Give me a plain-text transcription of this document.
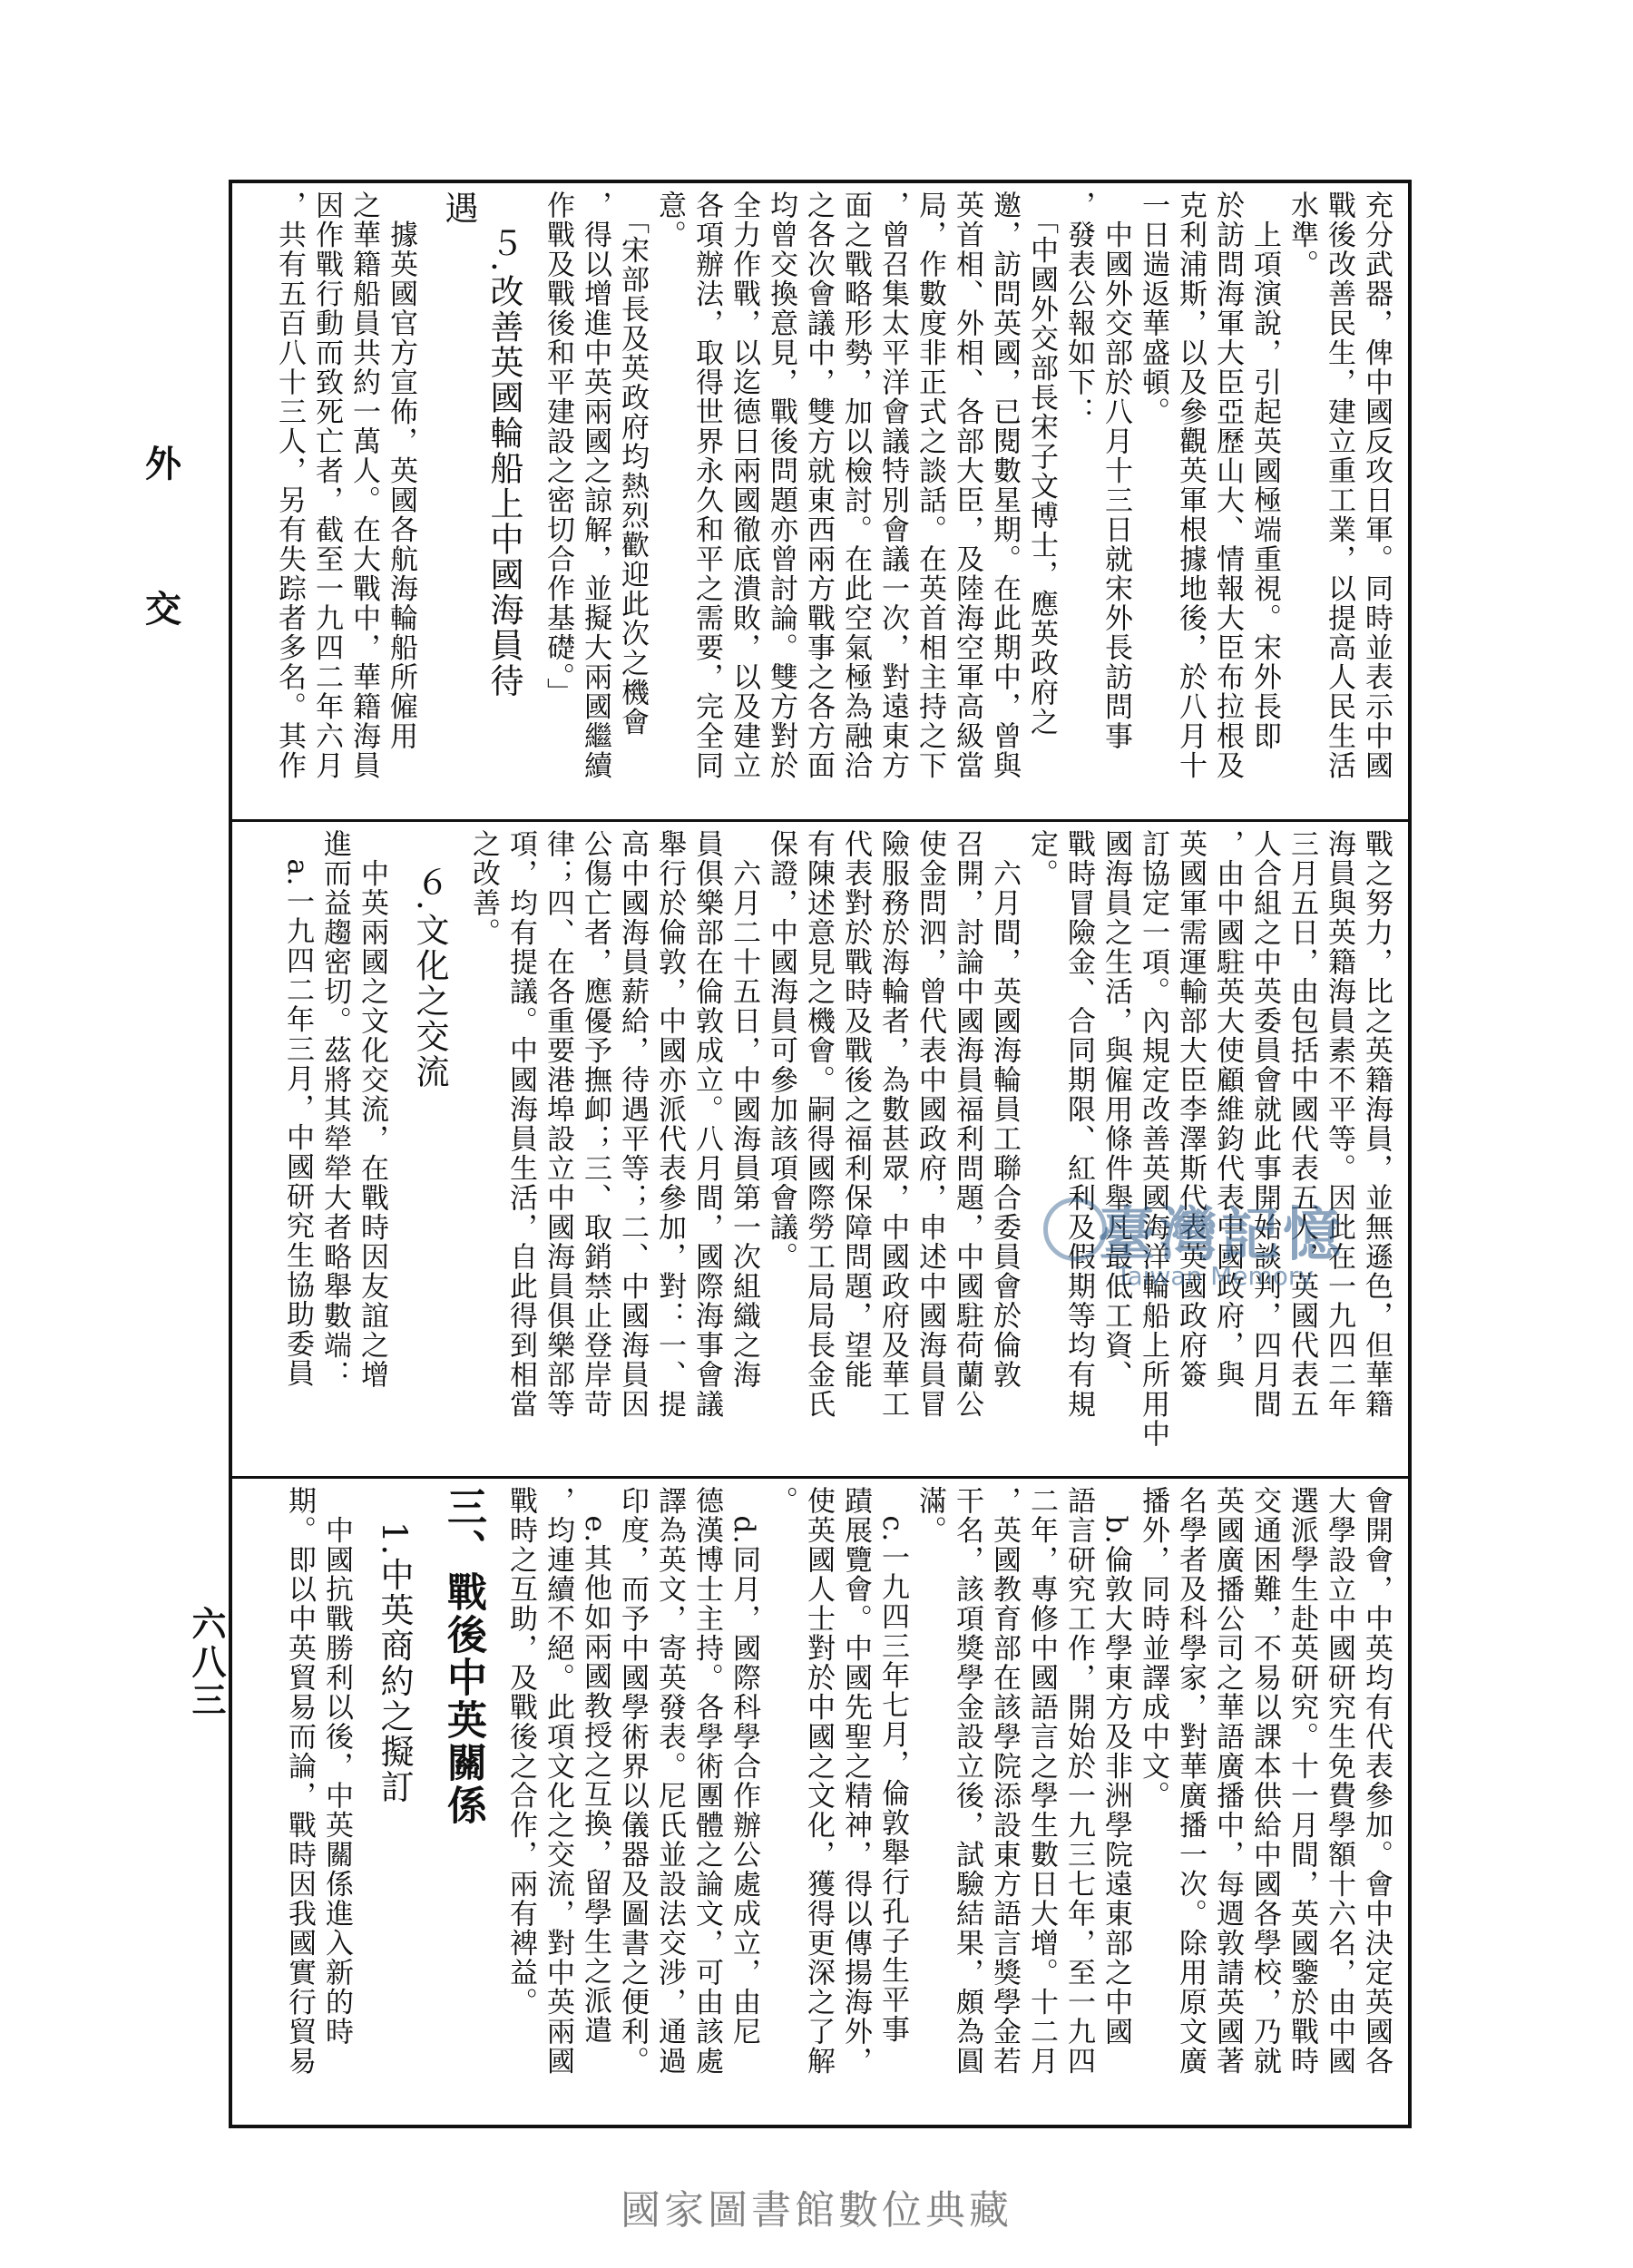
充分武器，俾中國反攻日軍。同時並表示中國
戰後改善民生，建立重工業，以提高人民生活
水準。
　上項演說，引起英國極端重視。宋外長即
於訪問海軍大臣亞歷山大、情報大臣布拉根及
克利浦斯，以及參觀英軍根據地後，於八月十
一日遄返華盛頓。
　中國外交部於八月十三日就宋外長訪問事
，發表公報如下：
　「中國外交部長宋子文博士，應英政府之
邀，訪問英國，已閱數星期。在此期中，曾與
英首相、外相、各部大臣，及陸海空軍高級當
局，作數度非正式之談話。在英首相主持之下
，曾召集太平洋會議特別會議一次，對遠東方
面之戰略形勢，加以檢討。在此空氣極為融洽
之各次會議中，雙方就東西兩方戰事之各方面
均曾交換意見，戰後問題亦曾討論。雙方對於
全力作戰，以迄德日兩國徹底潰敗，以及建立
各項辦法，取得世界永久和平之需要，完全同
意。
　「宋部長及英政府均熱烈歡迎此次之機會
，得以增進中英兩國之諒解，並擬大兩國繼續
作戰及戰後和平建設之密切合作基礎。」
　５.改善英國輪船上中國海員待
遇
　據英國官方宣佈，英國各航海輪船所僱用
之華籍船員共約一萬人。在大戰中，華籍海員
因作戰行動而致死亡者，截至一九四二年六月
，共有五百八十三人，另有失踪者多名。其作
戰之努力，比之英籍海員，並無遜色，但華籍
海員與英籍海員素不平等。因此在一九四二年
三月五日，由包括中國代表五人，英國代表五
人合組之中英委員會就此事開始談判，四月間
，由中國駐英大使顧維鈞代表中國政府，與
英國軍需運輸部大臣李澤斯代表英國政府簽
訂協定一項。內規定改善英國海洋輪船上所用中
國海員之生活，與僱用條件舉凡最低工資、
戰時冒險金、合同期限、紅利及假期等均有規
定。
　六月間，英國海輪員工聯合委員會於倫敦
召開，討論中國海員福利問題，中國駐荷蘭公
使金問泗，曾代表中國政府，申述中國海員冒
險服務於海輪者，為數甚眾，中國政府及華工
代表對於戰時及戰後之福利保障問題，望能
有陳述意見之機會。嗣得國際勞工局局長金氏
保證，中國海員可參加該項會議。
　六月二十五日，中國海員第一次組織之海
員俱樂部在倫敦成立。八月間，國際海事會議
舉行於倫敦，中國亦派代表參加，對：一、提
高中國海員薪給，待遇平等；二、中國海員因
公傷亡者，應優予撫卹；三、取銷禁止登岸苛
律；四、在各重要港埠設立中國海員俱樂部等
項，均有提議。中國海員生活，自此得到相當
之改善。
　６.文化之交流
　中英兩國之文化交流，在戰時因友誼之增
進而益趨密切。茲將其犖犖大者略舉數端：
　a.一九四二年三月，中國研究生協助委員
會開會，中英均有代表參加。會中決定英國各
大學設立中國研究生免費學額十六名，由中國
選派學生赴英研究。十一月間，英國鑒於戰時
交通困難，不易以課本供給中國各學校，乃就
英國廣播公司之華語廣播中，每週敦請英國著
名學者及科學家，對華廣播一次。除用原文廣
播外，同時並譯成中文。
　b.倫敦大學東方及非洲學院遠東部之中國
語言研究工作，開始於一九三七年，至一九四
二年，專修中國語言之學生數日大增。十二月
，英國教育部在該學院添設東方語言獎學金若
干名，該項獎學金設立後，試驗結果，頗為圓
滿。
　c.一九四三年七月，倫敦舉行孔子生平事
蹟展覽會。中國先聖之精神，得以傳揚海外，
使英國人士對於中國之文化，獲得更深之了解
。
　d.同月，國際科學合作辦公處成立，由尼
德漢博士主持。各學術團體之論文，可由該處
譯為英文，寄英發表。尼氏並設法交涉，通過
印度，而予中國學術界以儀器及圖書之便利。
　e.其他如兩國教授之互換，留學生之派遣
，均連續不絕。此項文化之交流，對中英兩國
戰時之互助，及戰後之合作，兩有裨益。
三、戰後中英關係
　1.中英商約之擬訂
　中國抗戰勝利以後，中英關係進入新的時
期。即以中英貿易而論，戰時因我國實行貿易
外
交
六八三
臺灣記憶
Taiwan Memory
國家圖書館數位典藏
